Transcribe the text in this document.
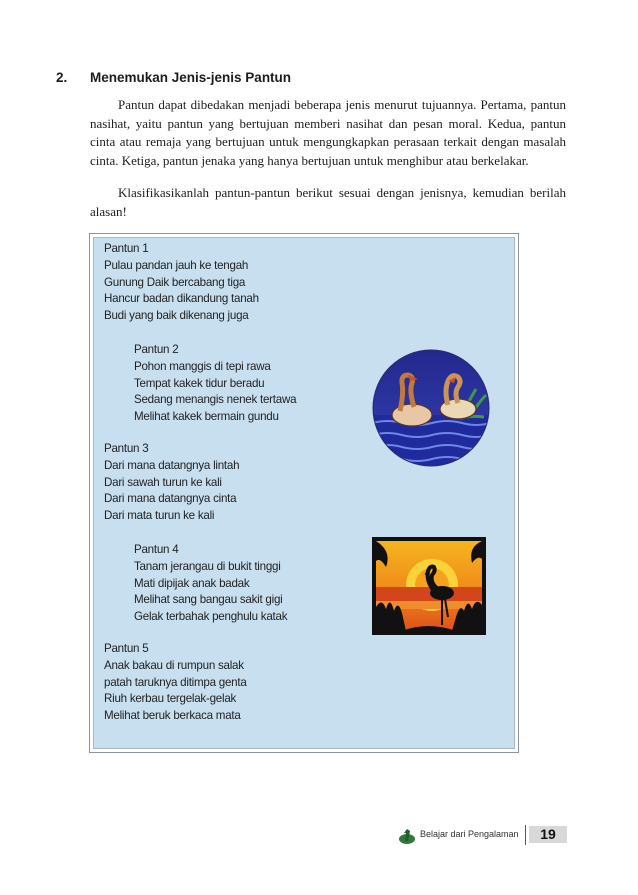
2. Menemukan Jenis-jenis Pantun

Pantun dapat dibedakan menjadi beberapa jenis menurut tujuannya. Pertama, pantun nasihat, yaitu pantun yang bertujuan memberi nasihat dan pesan moral. Kedua, pantun cinta atau remaja yang bertujuan untuk mengungkapkan perasaan terkait dengan masalah cinta. Ketiga, pantun jenaka yang hanya bertujuan untuk menghibur atau berkelakar.

Klasifikasikanlah pantun-pantun berikut sesuai dengan jenisnya, kemudian berilah alasan!

Pantun 1
Pulau pandan jauh ke tengah
Gunung Daik bercabang tiga
Hancur badan dikandung tanah
Budi yang baik dikenang juga
Pantun 2
Pohon manggis di tepi rawa
Tempat kakek tidur beradu
Sedang menangis nenek tertawa
Melihat kakek bermain gundu
Pantun 3
Dari mana datangnya lintah
Dari sawah turun ke kali
Dari mana datangnya cinta
Dari mata turun ke kali
Pantun 4
Tanam jerangau di bukit tinggi
Mati dipijak anak badak
Melihat sang bangau sakit gigi
Gelak terbahak penghulu katak
Pantun 5
Anak bakau di rumpun salak
patah taruknya ditimpa genta
Riuh kerbau tergelak-gelak
Melihat beruk berkaca mata
Belajar dari Pengalaman	19
